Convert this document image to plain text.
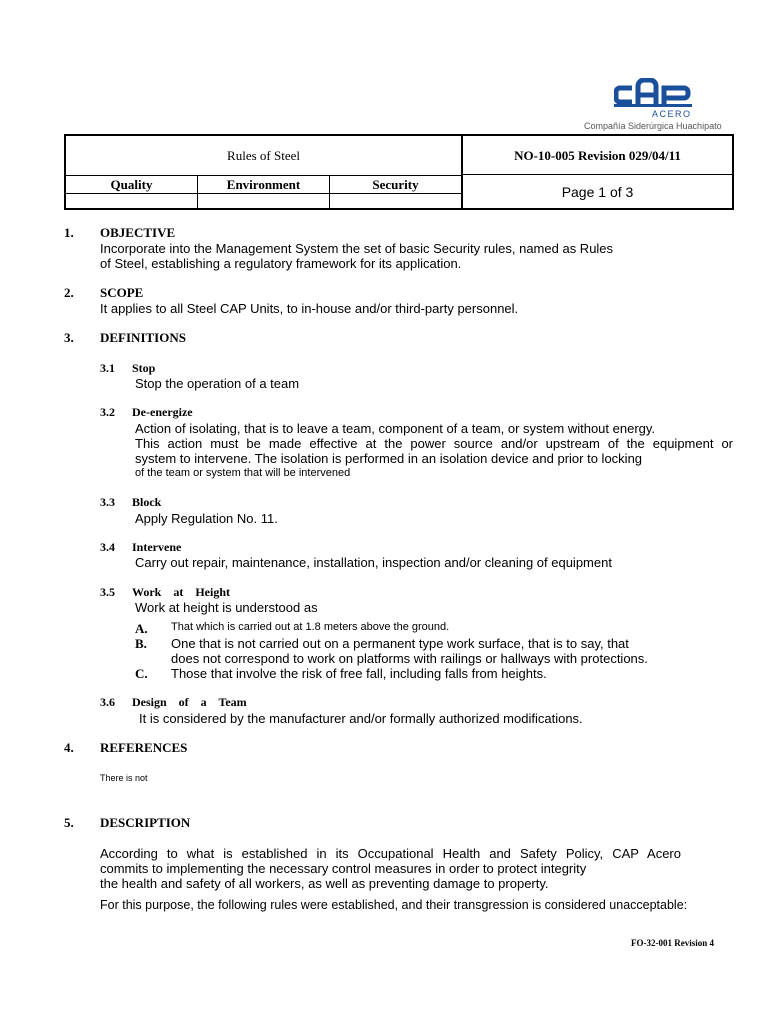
ACERO
Compañía Siderúrgica Huachipato
Rules of Steel	NO-10-005 Revision 029/04/11
Quality	Environment	Security	Page 1 of 3
1. OBJECTIVE
Incorporate into the Management System the set of basic Security rules, named as Rules
of Steel, establishing a regulatory framework for its application.
2. SCOPE
It applies to all Steel CAP Units, to in-house and/or third-party personnel.
3. DEFINITIONS
3.1 Stop
Stop the operation of a team
3.2 De-energize
Action of isolating, that is to leave a team, component of a team, or system without energy.
This action must be made effective at the power source and/or upstream of the equipment or
system to intervene. The isolation is performed in an isolation device and prior to locking
of the team or system that will be intervened
3.3 Block
Apply Regulation No. 11.
3.4 Intervene
Carry out repair, maintenance, installation, inspection and/or cleaning of equipment
3.5 Work    at    Height
Work at height is understood as
A. That which is carried out at 1.8 meters above the ground.
B. One that is not carried out on a permanent type work surface, that is to say, that
does not correspond to work on platforms with railings or hallways with protections.
C. Those that involve the risk of free fall, including falls from heights.
3.6 Design    of    a    Team
It is considered by the manufacturer and/or formally authorized modifications.
4. REFERENCES
There is not
5. DESCRIPTION
According to what is established in its Occupational Health and Safety Policy, CAP Acero
commits to implementing the necessary control measures in order to protect integrity
the health and safety of all workers, as well as preventing damage to property.
For this purpose, the following rules were established, and their transgression is considered unacceptable:
FO-32-001 Revision 4
